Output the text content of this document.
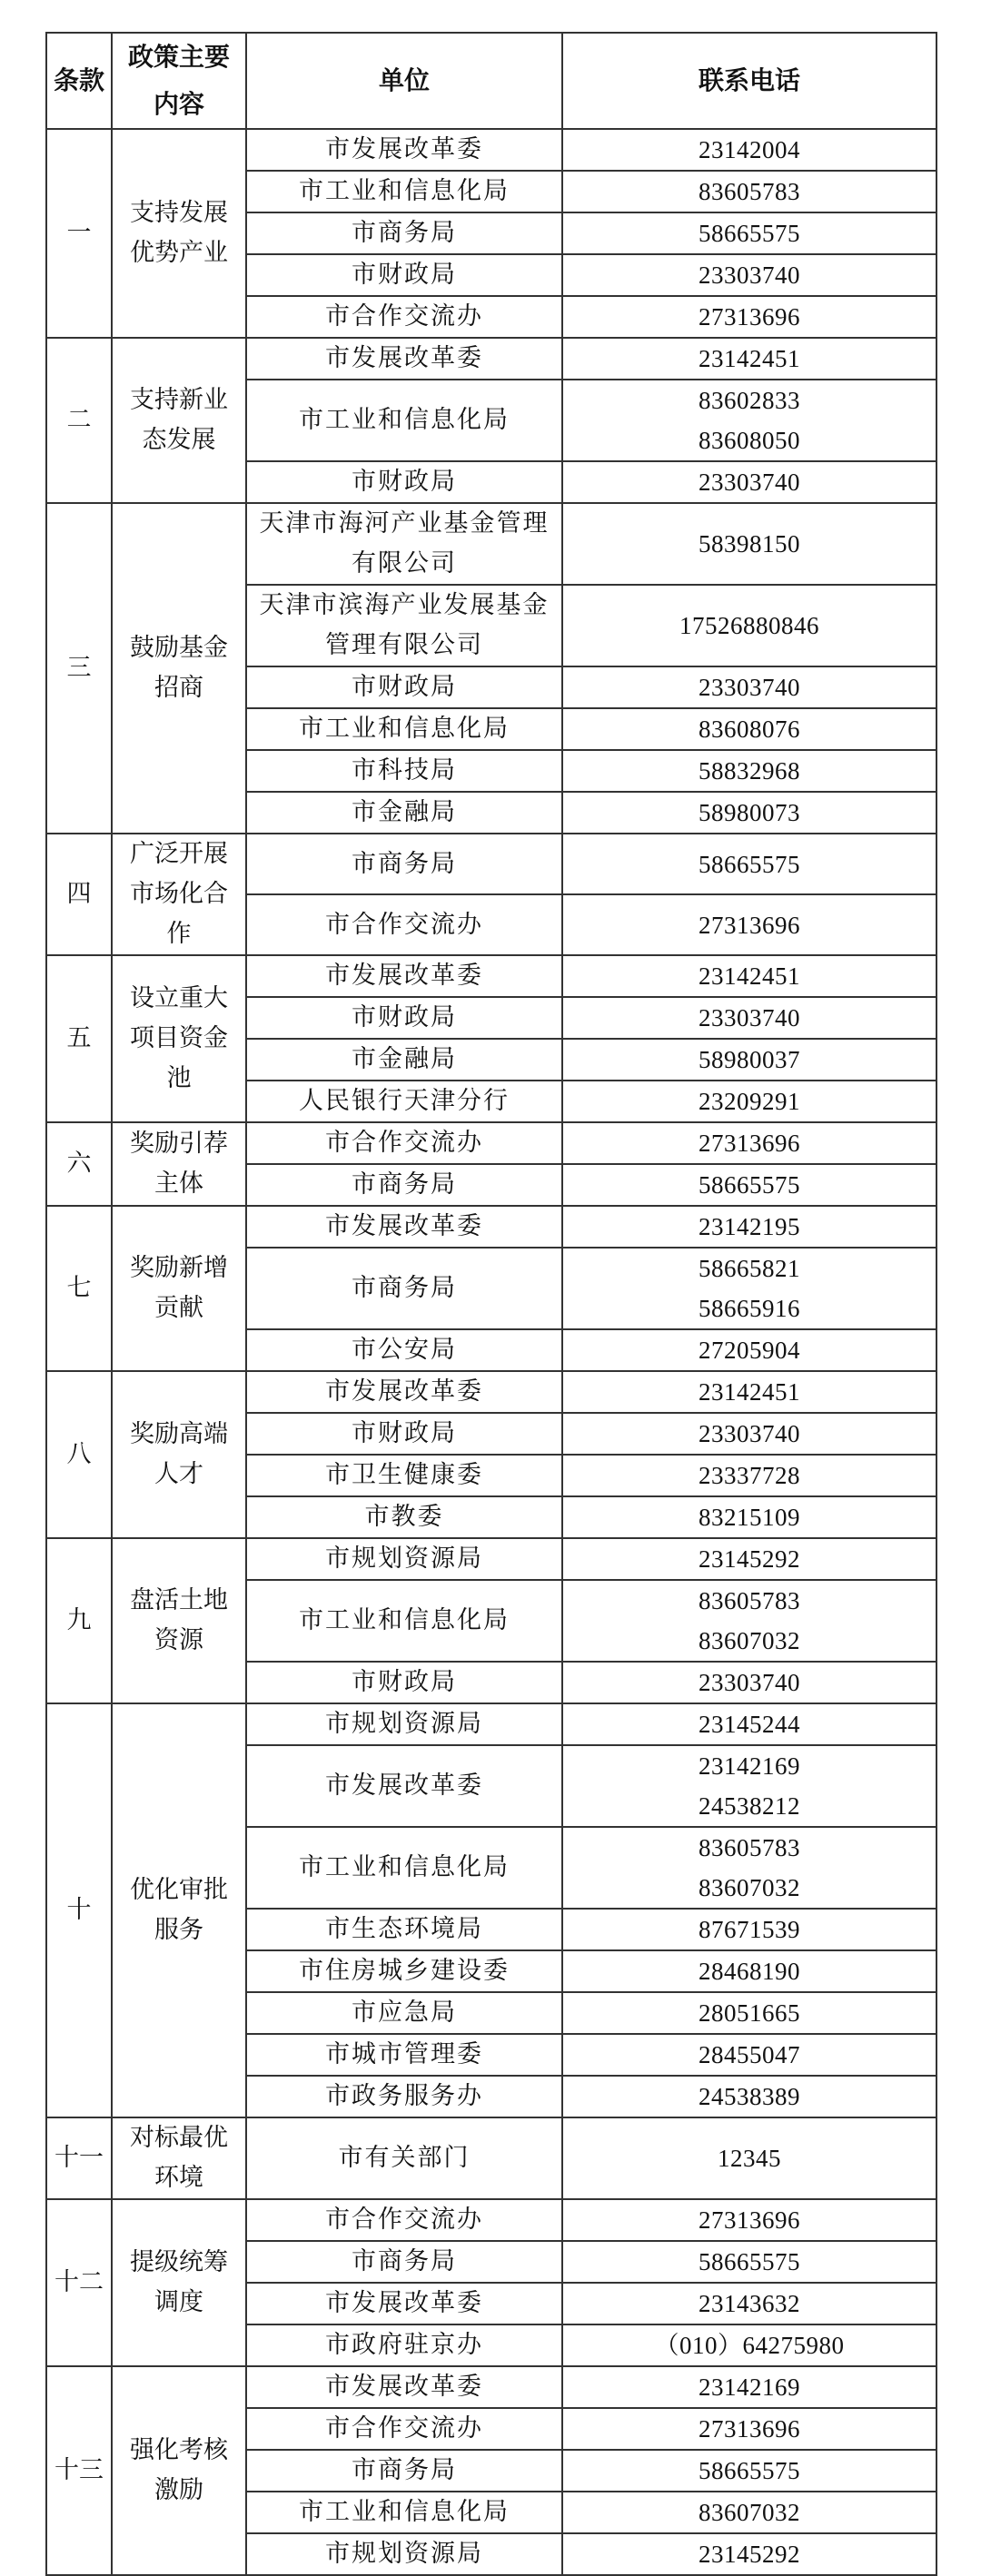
条款	政策主要内容	单位	联系电话
一	支持发展优势产业	市发展改革委	23142004

		市工业和信息化局	83605783

		市商务局	58665575

		市财政局	23303740

		市合作交流办	27313696

二	支持新业态发展	市发展改革委	23142451

		市工业和信息化局	83602833
83608050

		市财政局	23303740

三	鼓励基金招商	天津市海河产业基金管理有限公司	58398150

		天津市滨海产业发展基金管理有限公司	17526880846

		市财政局	23303740

		市工业和信息化局	83608076

		市科技局	58832968

		市金融局	58980073

四	广泛开展市场化合作	市商务局	58665575

		市合作交流办	27313696

五	设立重大项目资金池	市发展改革委	23142451

		市财政局	23303740

		市金融局	58980037

		人民银行天津分行	23209291

六	奖励引荐主体	市合作交流办	27313696

		市商务局	58665575

七	奖励新增贡献	市发展改革委	23142195

		市商务局	58665821
58665916

		市公安局	27205904

八	奖励高端人才	市发展改革委	23142451

		市财政局	23303740

		市卫生健康委	23337728

		市教委	83215109

九	盘活土地资源	市规划资源局	23145292

		市工业和信息化局	83605783
83607032

		市财政局	23303740

十	优化审批服务	市规划资源局	23145244

		市发展改革委	23142169
24538212

		市工业和信息化局	83605783
83607032

		市生态环境局	87671539

		市住房城乡建设委	28468190

		市应急局	28051665

		市城市管理委	28455047

		市政务服务办	24538389

十一	对标最优环境	市有关部门	12345

十二	提级统筹调度	市合作交流办	27313696

		市商务局	58665575

		市发展改革委	23143632

		市政府驻京办	（010）64275980

十三	强化考核激励	市发展改革委	23142169

		市合作交流办	27313696

		市商务局	58665575

		市工业和信息化局	83607032

		市规划资源局	23145292
